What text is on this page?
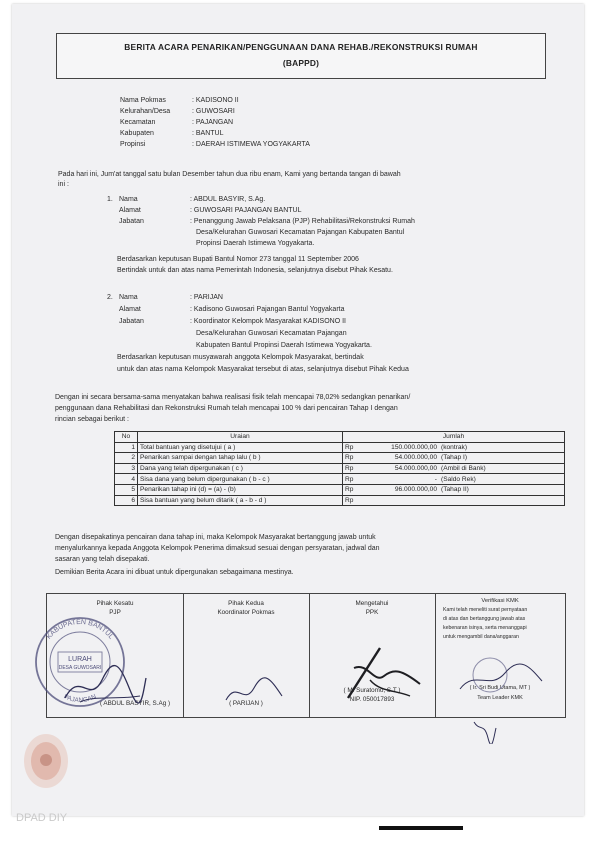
BERITA ACARA PENARIKAN/PENGGUNAAN DANA REHAB./REKONSTRUKSI RUMAH
(BAPPD)
Nama Pokmas	: KADISONO II
Kelurahan/Desa	: GUWOSARI
Kecamatan	: PAJANGAN
Kabupaten	: BANTUL
Propinsi	: DAERAH ISTIMEWA YOGYAKARTA
Pada hari ini, Jum'at tanggal satu bulan Desember tahun dua ribu enam, Kami yang bertanda tangan di bawah
ini :
1. Nama	: ABDUL BASYIR, S.Ag.
Alamat	: GUWOSARI PAJANGAN BANTUL
Jabatan	: Penanggung Jawab Pelaksana (PJP) Rehabilitasi/Rekonstruksi Rumah
Desa/Kelurahan Guwosari Kecamatan Pajangan Kabupaten Bantul
Propinsi Daerah Istimewa Yogyakarta.
Berdasarkan keputusan Bupati Bantul Nomor 273 tanggal 11 September 2006
Bertindak untuk dan atas nama Pemerintah Indonesia, selanjutnya disebut Pihak Kesatu.
2. Nama	: PARIJAN
Alamat	: Kadisono Guwosari Pajangan Bantul Yogyakarta
Jabatan	: Koordinator Kelompok Masyarakat KADISONO II
Desa/Kelurahan Guwosari Kecamatan Pajangan
Kabupaten Bantul Propinsi Daerah Istimewa Yogyakarta.
Berdasarkan keputusan musyawarah anggota Kelompok Masyarakat, bertindak
untuk dan atas nama Kelompok Masyarakat tersebut di atas, selanjutnya disebut Pihak Kedua
Dengan ini secara bersama-sama menyatakan bahwa realisasi fisik telah mencapai 78,02% sedangkan penarikan/
penggunaan dana Rehabilitasi dan Rekonstruksi Rumah telah mencapai 100 % dari pencairan Tahap I dengan
rincian sebagai berikut :
No	Uraian	Jumlah		
1	Total bantuan yang disetujui ( a )	Rp	150.000.000,00	(kontrak)
2	Penarikan sampai dengan tahap lalu ( b )	Rp	54.000.000,00	(Tahap I)
3	Dana yang telah dipergunakan ( c )	Rp	54.000.000,00	(Ambil di Bank)
4	Sisa dana yang belum dipergunakan ( b - c )	Rp	-	(Saldo Rek)
5	Penarikan tahap ini (d) = (a) - (b)	Rp	96.000.000,00	(Tahap II)
6	Sisa bantuan yang belum ditarik ( a - b - d )	Rp		
Dengan disepakatinya pencairan dana tahap ini, maka Kelompok Masyarakat bertanggung jawab untuk
menyalurkannya kepada Anggota Kelompok Penerima dimaksud sesuai dengan persyaratan, jadwal dan
sasaran yang telah disepakati.
Demikian Berita Acara ini dibuat untuk dipergunakan sebagaimana mestinya.
Pihak Kesatu
PJP
( ABDUL BASYIR, S.Ag )
Pihak Kedua
Koordinator Pokmas
( PARIJAN )
Mengetahui
PPK
( M. Suratomo, S.T )
NIP. 050017893
Verifikasi KMK
Kami telah meneliti surat pernyataan
di atas dan bertanggung jawab atas
kebenaran isinya, serta menanggapi
untuk mengambil dana/anggaran
( Ir. Sri Budi Utama, MT )
Team Leader KMK
KABUPATEN BANTUL
PAJANGAN
LURAH
DESA GUWOSARI
DPAD DIY
